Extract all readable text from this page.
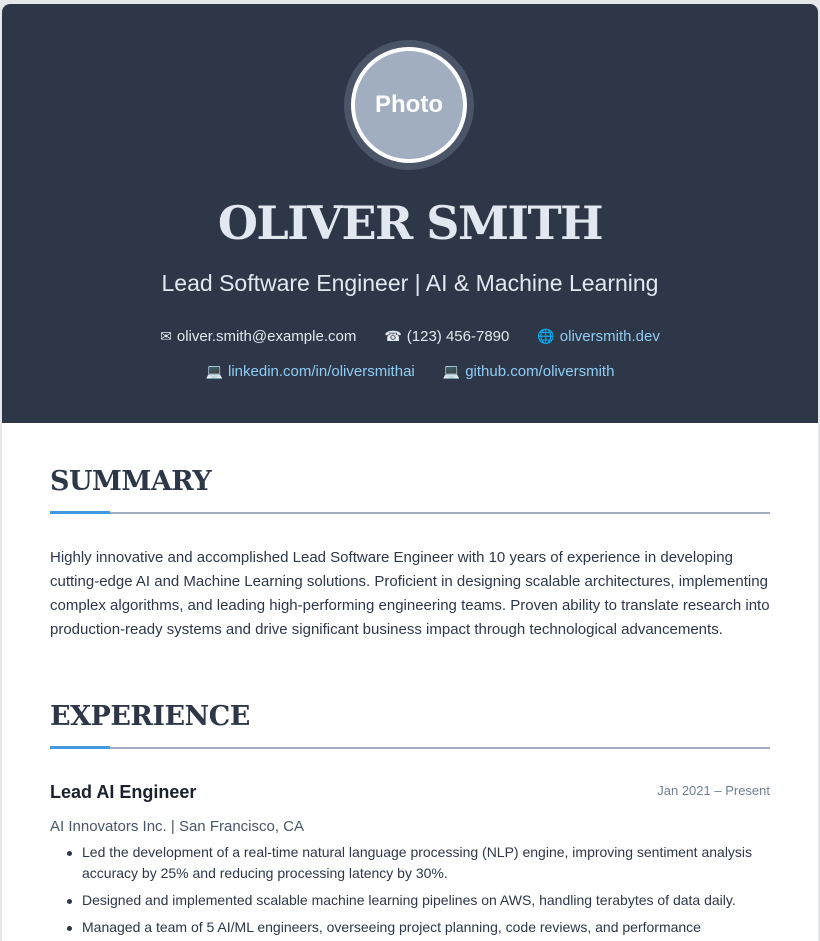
Photo
OLIVER SMITH
Lead Software Engineer | AI & Machine Learning
✉ oliver.smith@example.com ☎ (123) 456-7890 🌐 oliversmith.dev
💻 linkedin.com/in/oliversmithai 💻 github.com/oliversmith
SUMMARY

Highly innovative and accomplished Lead Software Engineer with 10 years of experience in developing cutting-edge AI and Machine Learning solutions. Proficient in designing scalable architectures, implementing complex algorithms, and leading high-performing engineering teams. Proven ability to translate research into production-ready systems and drive significant business impact through technological advancements.

EXPERIENCE
Lead AI Engineer	Jan 2021 – Present
AI Innovators Inc. | San Francisco, CA
Led the development of a real-time natural language processing (NLP) engine, improving sentiment analysis accuracy by 25% and reducing processing latency by 30%.
Designed and implemented scalable machine learning pipelines on AWS, handling terabytes of data daily.
Managed a team of 5 AI/ML engineers, overseeing project planning, code reviews, and performance
